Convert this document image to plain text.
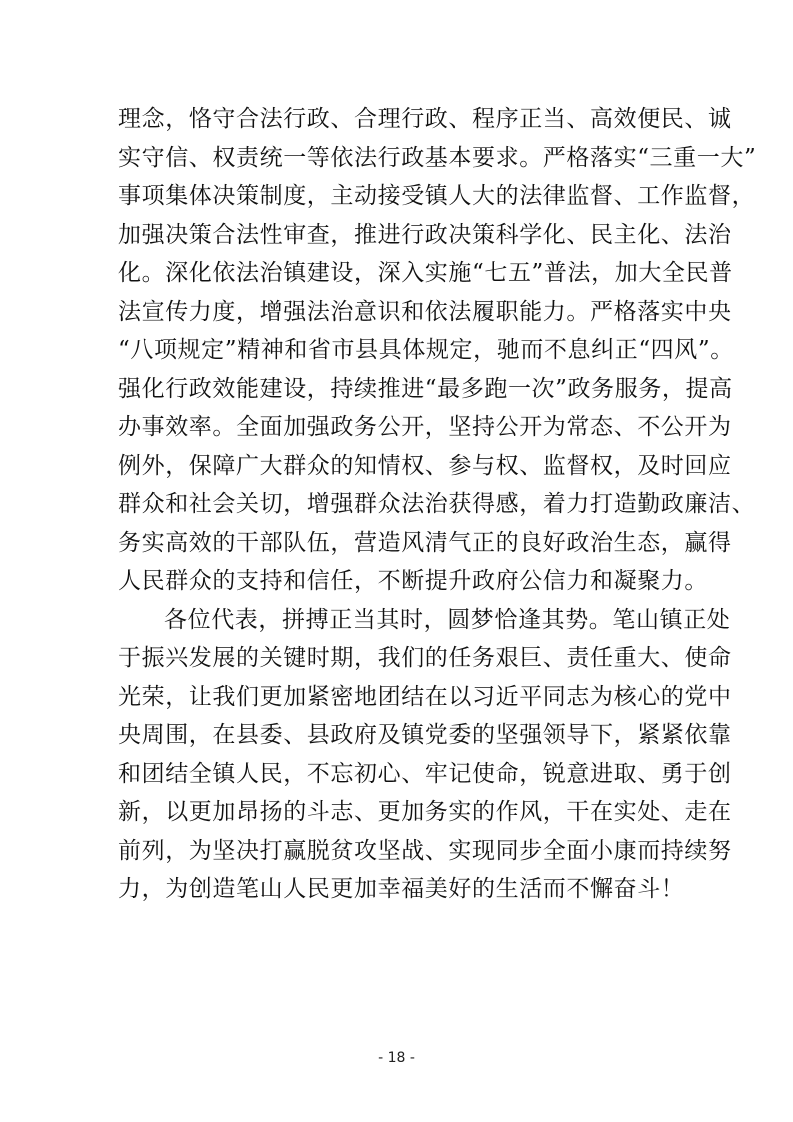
理念，恪守合法行政、合理行政、程序正当、高效便民、诚
实守信、权责统一等依法行政基本要求。严格落实“三重一大”
事项集体决策制度，主动接受镇人大的法律监督、工作监督，
加强决策合法性审查，推进行政决策科学化、民主化、法治
化。深化依法治镇建设，深入实施“七五”普法，加大全民普
法宣传力度，增强法治意识和依法履职能力。严格落实中央
“八项规定”精神和省市县具体规定，驰而不息纠正“四风”。
强化行政效能建设，持续推进“最多跑一次”政务服务，提高
办事效率。全面加强政务公开，坚持公开为常态、不公开为
例外，保障广大群众的知情权、参与权、监督权，及时回应
群众和社会关切，增强群众法治获得感，着力打造勤政廉洁、
务实高效的干部队伍，营造风清气正的良好政治生态，赢得
人民群众的支持和信任，不断提升政府公信力和凝聚力。
各位代表，拼搏正当其时，圆梦恰逢其势。笔山镇正处
于振兴发展的关键时期，我们的任务艰巨、责任重大、使命
光荣，让我们更加紧密地团结在以习近平同志为核心的党中
央周围，在县委、县政府及镇党委的坚强领导下，紧紧依靠
和团结全镇人民，不忘初心、牢记使命，锐意进取、勇于创
新，以更加昂扬的斗志、更加务实的作风，干在实处、走在
前列，为坚决打赢脱贫攻坚战、实现同步全面小康而持续努
力，为创造笔山人民更加幸福美好的生活而不懈奋斗！
- 18 -
